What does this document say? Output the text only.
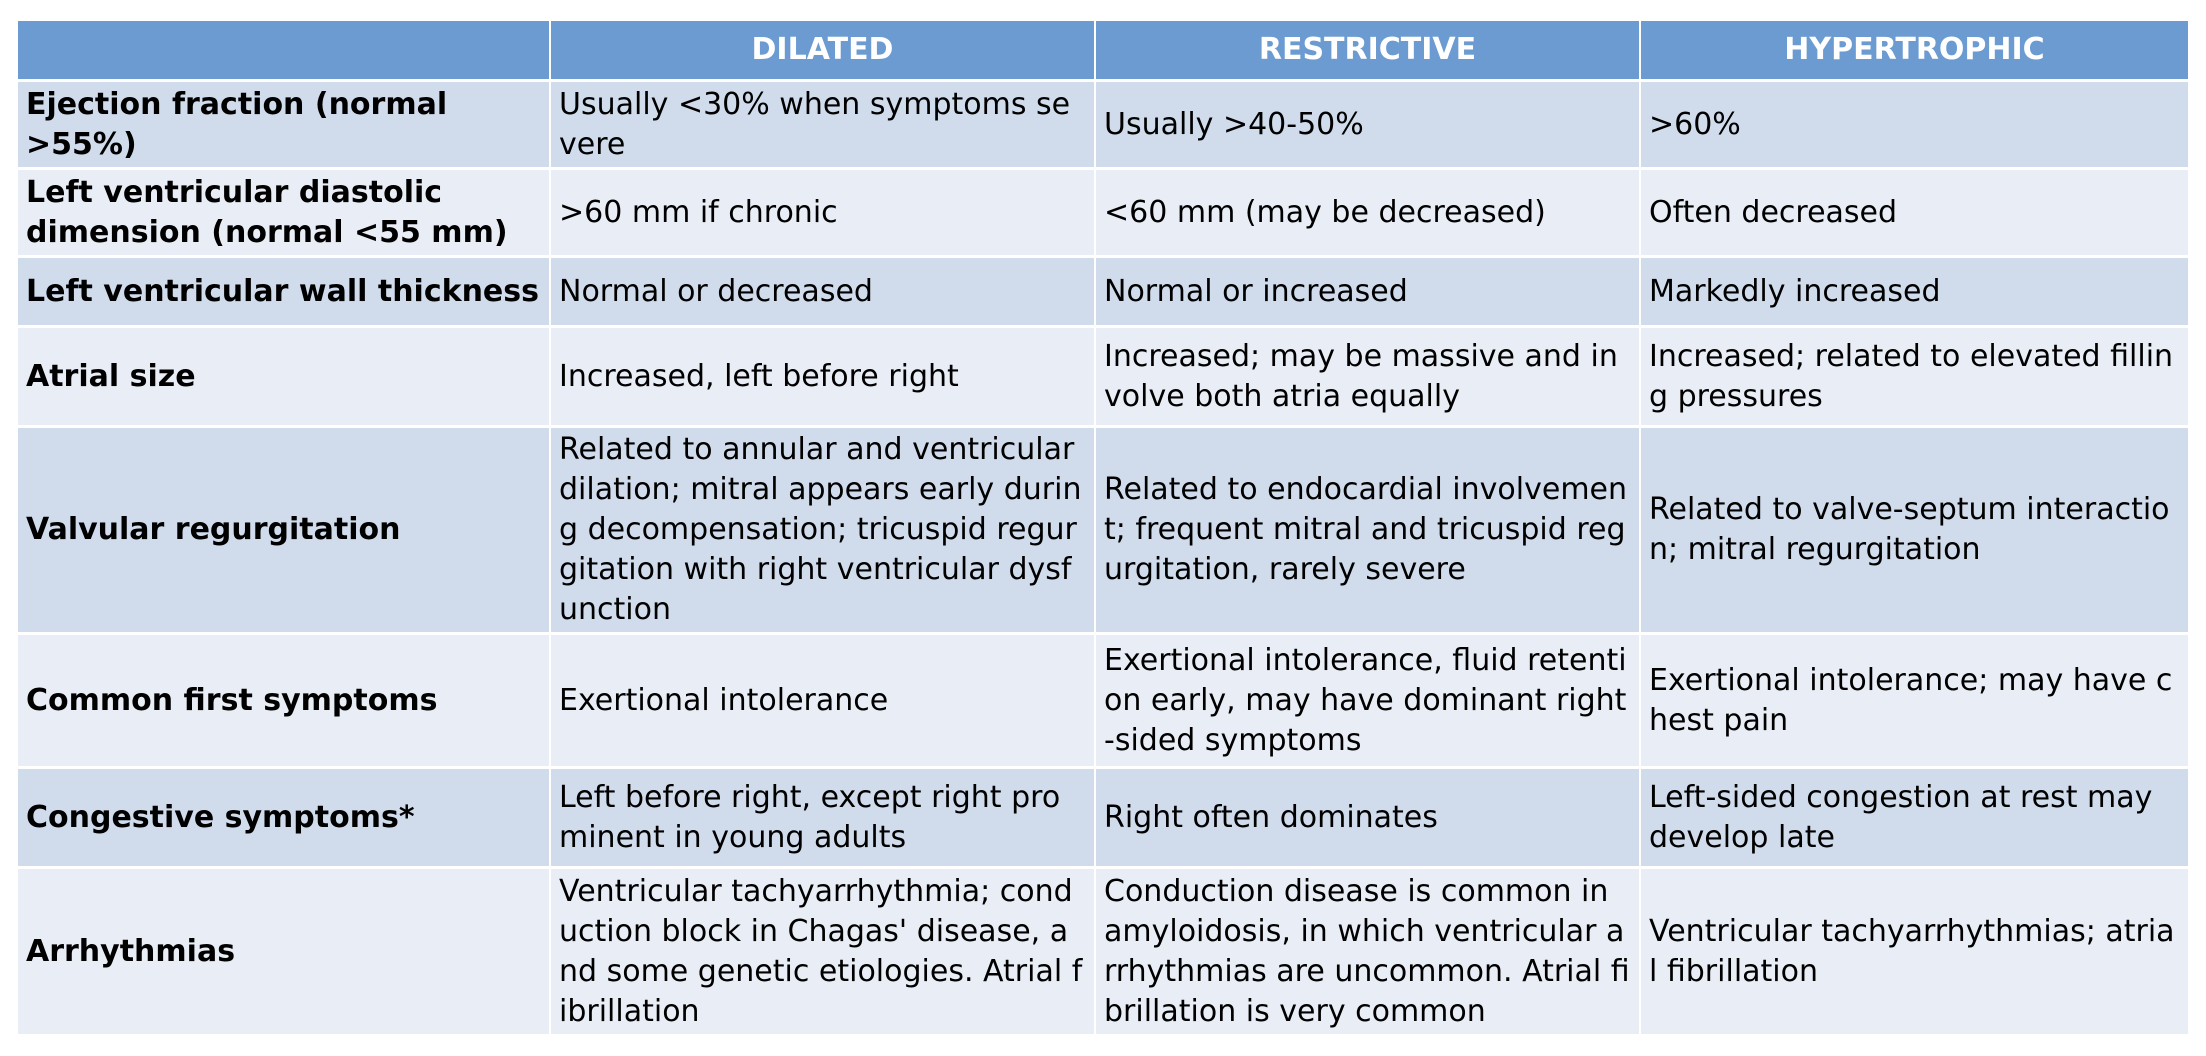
	DILATED	RESTRICTIVE	HYPERTROPHIC
Ejection fraction (normal >55%)	Usually <30% when symptoms severe	Usually >40-50%	>60%
Left ventricular diastolic dimension (normal <55 mm)	>60 mm if chronic	<60 mm (may be decreased)	Often decreased
Left ventricular wall thickness	Normal or decreased	Normal or increased	Markedly increased
Atrial size	Increased, left before right	Increased; may be massive and involve both atria equally	Increased; related to elevated filling pressures
Valvular regurgitation	Related to annular and ventricular dilation; mitral appears early during decompensation; tricuspid regurgitation with right ventricular dysfunction	Related to endocardial involvement; frequent mitral and tricuspid regurgitation, rarely severe	Related to valve-septum interaction; mitral regurgitation
Common first symptoms	Exertional intolerance	Exertional intolerance, fluid retention early, may have dominant right-sided symptoms	Exertional intolerance; may have chest pain
Congestive symptoms*	Left before right, except right prominent in young adults	Right often dominates	Left-sided congestion at rest may develop late
Arrhythmias	Ventricular tachyarrhythmia; conduction block in Chagas' disease, and some genetic etiologies. Atrial fibrillation	Conduction disease is common in amyloidosis, in which ventricular arrhythmias are uncommon. Atrial fibrillation is very common	Ventricular tachyarrhythmias; atrial fibrillation
